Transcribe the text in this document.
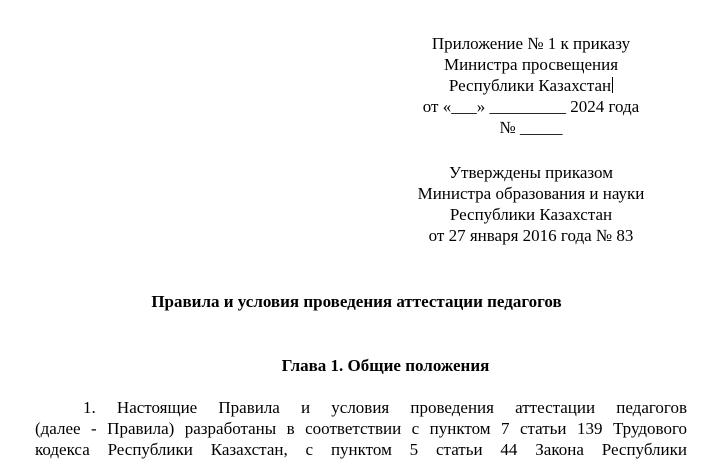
Приложение № 1 к приказу
Министра просвещения
Республики Казахстан
от «___» _________ 2024 года
№ _____
Утверждены приказом
Министра образования и науки
Республики Казахстан
от 27 января 2016 года № 83
Правила и условия проведения аттестации педагогов
Глава 1. Общие положения
1. Настоящие Правила и условия проведения аттестации педагогов
(далее - Правила) разработаны в соответствии с пунктом 7 статьи 139 Трудового
кодекса Республики Казахстан, с пунктом 5 статьи 44 Закона Республики
